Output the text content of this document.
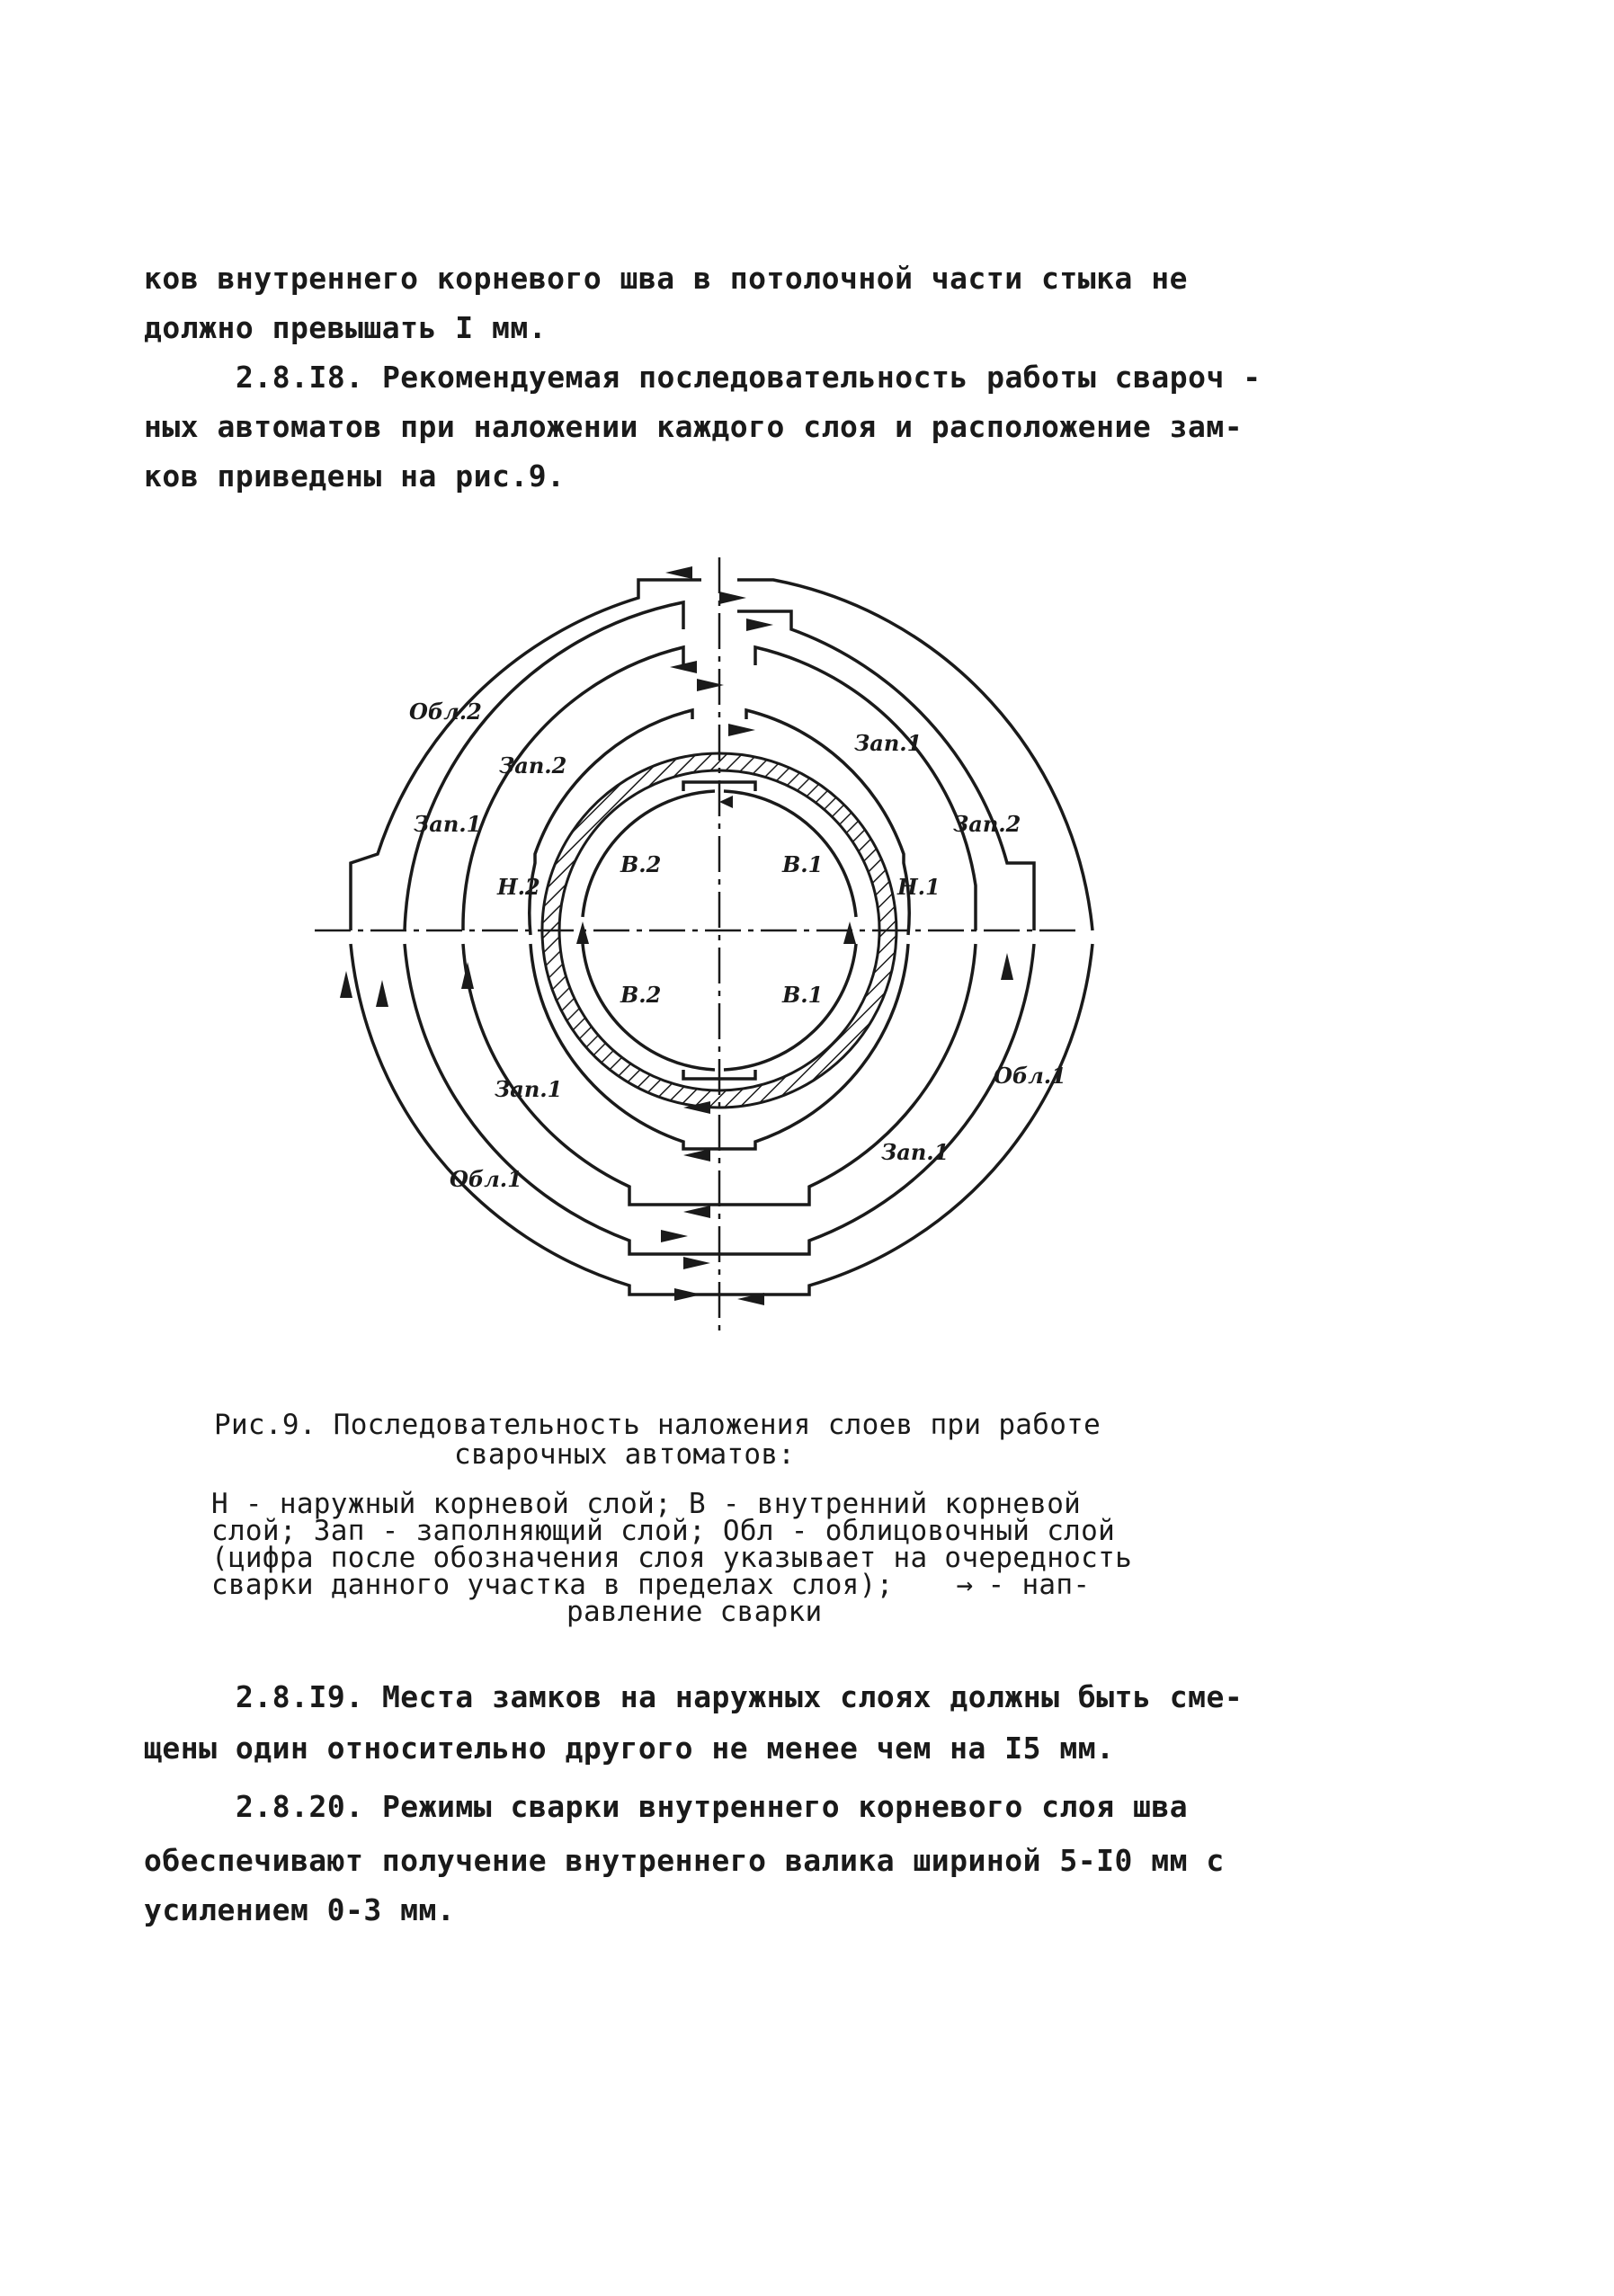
ков внутреннего корневого шва в потолочной части стыка не
должно превышать I мм.
2.8.I8. Рекомендуемая последовательность работы свароч -
ных автоматов при наложении каждого слоя и расположение зам-
ков приведены на рис.9.
Обл.2
Зап.1
Зап.2
Зап.2
Зап.1
Н.2
В.2	В.1
Н.1
В.2	В.1
Обл.1
Зап.1
Зап.1
Обл.1
Рис.9. Последовательность наложения слоев при работе
сварочных автоматов:
Н - наружный корневой слой; В - внутренний корневой
слой; Зап - заполняющий слой; Обл - облицовочный слой
(цифра после обозначения слоя указывает на очередность
сварки данного участка в пределах слоя); → - нап-
равление сварки
2.8.I9. Места замков на наружных слоях должны быть сме-
щены один относительно другого не менее чем на I5 мм.
2.8.20. Режимы сварки внутреннего корневого слоя шва
обеспечивают получение внутреннего валика шириной 5-I0 мм с
усилением 0-3 мм.
